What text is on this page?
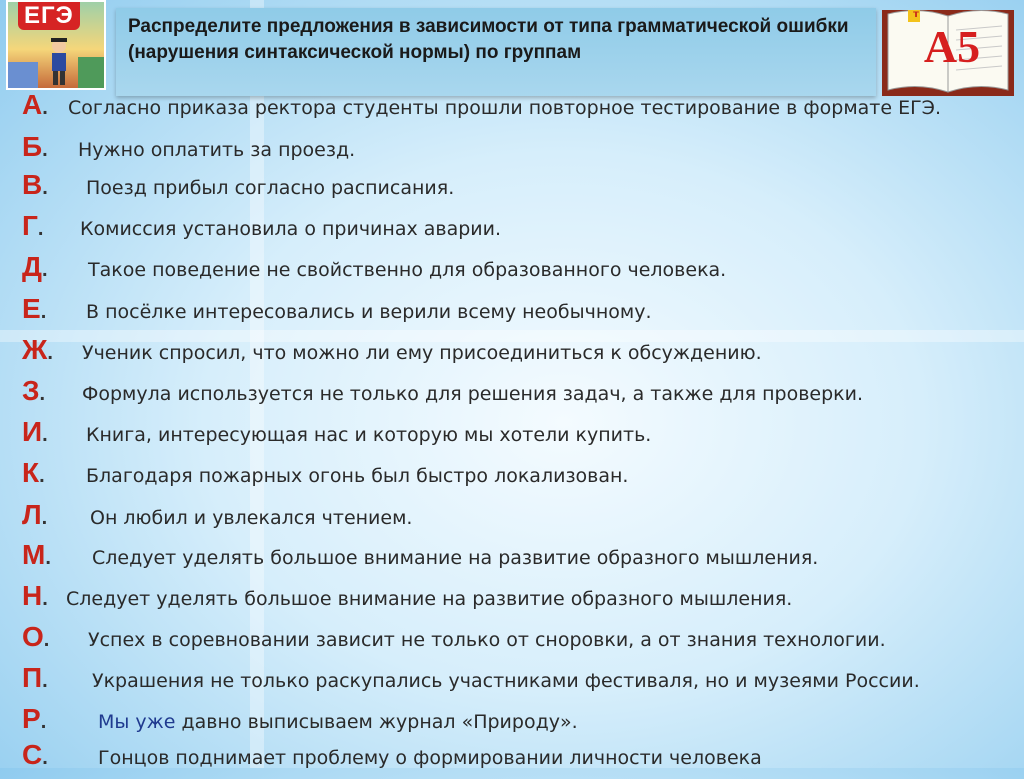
ЕГЭ	Распределите предложения в зависимости от типа грамматической ошибки (нарушения синтаксической нормы) по группам
т
А5
А. Согласно приказа ректора студенты прошли повторное тестирование в формате ЕГЭ.
Б. Нужно оплатить за проезд.
В. Поезд прибыл согласно расписания.
Г. Комиссия установила о причинах аварии.
Д. Такое поведение не свойственно для образованного человека.
Е. В посёлке интересовались и верили всему необычному.
Ж. Ученик спросил, что можно ли ему присоединиться к обсуждению.
З. Формула используется не только для решения задач, а также для проверки.
И. Книга, интересующая нас и которую мы хотели купить.
К. Благодаря пожарных огонь был быстро локализован.
Л. Он любил и увлекался чтением.
М. Следует уделять большое внимание на развитие образного мышления.
Н. Следует уделять большое внимание на развитие образного мышления.
О. Успех в соревновании зависит не только от сноровки, а от знания технологии.
П. Украшения не только раскупались участниками фестиваля, но и музеями России.
Р.	Мы уже давно выписываем журнал «Природу».
С.	Гонцов поднимает проблему о формировании личности человека
